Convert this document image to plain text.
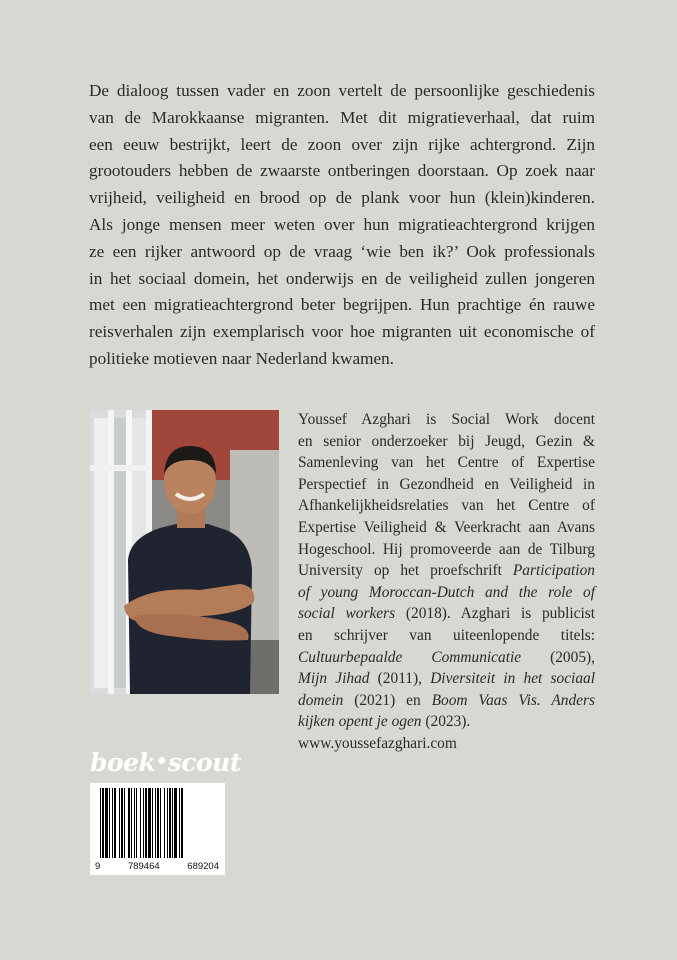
De dialoog tussen vader en zoon vertelt de persoonlijke geschiedenis
van de Marokkaanse migranten. Met dit migratieverhaal, dat ruim
een eeuw bestrijkt, leert de zoon over zijn rijke achtergrond. Zijn
grootouders hebben de zwaarste ontberingen doorstaan. Op zoek naar
vrijheid, veiligheid en brood op de plank voor hun (klein)kinderen.
Als jonge mensen meer weten over hun migratieachtergrond krijgen
ze een rijker antwoord op de vraag ‘wie ben ik?’ Ook professionals
in het sociaal domein, het onderwijs en de veiligheid zullen jongeren
met een migratieachtergrond beter begrijpen. Hun prachtige én rauwe
reisverhalen zijn exemplarisch voor hoe migranten uit economische of
politieke motieven naar Nederland kwamen.

Youssef Azghari is Social Work docent
en senior onderzoeker bij Jeugd, Gezin &
Samenleving van het Centre of Expertise
Perspectief in Gezondheid en Veiligheid in
Afhankelijkheidsrelaties van het Centre of
Expertise Veiligheid & Veerkracht aan Avans
Hogeschool. Hij promoveerde aan de Tilburg
University op het proefschrift Participation
of young Moroccan-Dutch and the role of
social workers (2018). Azghari is publicist
en schrijver van uiteenlopende titels:
Cultuurbepaalde Communicatie (2005),
Mijn Jihad (2011), Diversiteit in het sociaal
domein (2021) en Boom Vaas Vis. Anders
kijken opent je ogen (2023).
www.youssefazghari.com
boek•scout
9	789464	689204
